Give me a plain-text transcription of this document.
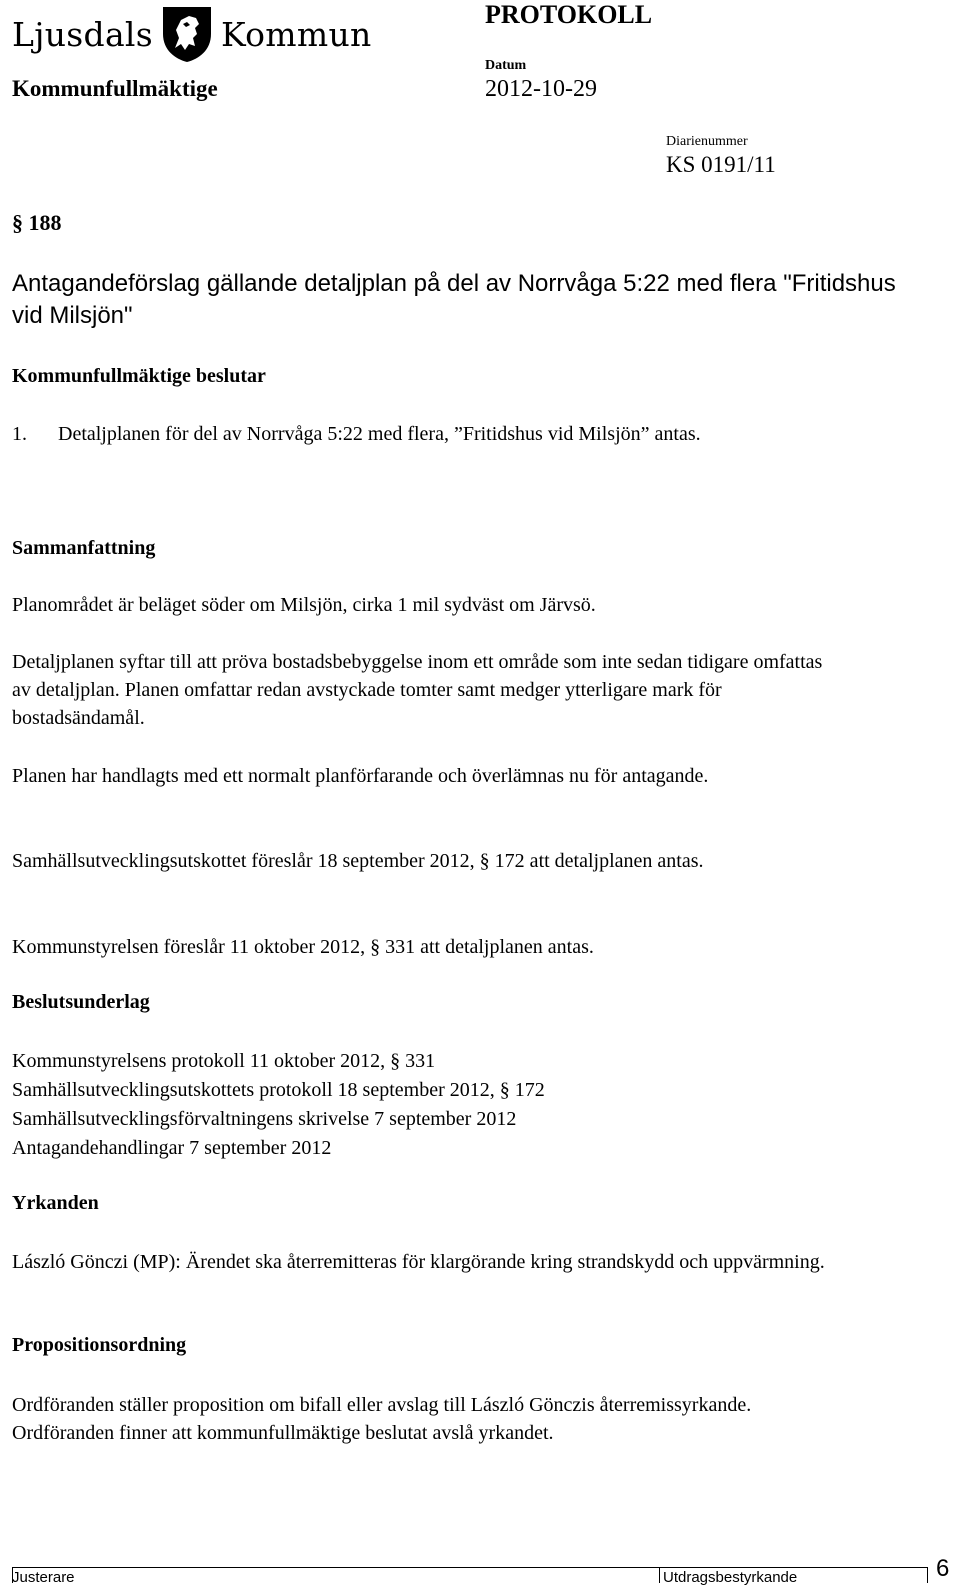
Ljusdals Kommun	PROTOKOLL
Kommunfullmäktige
Datum
2012-10-29
Diarienummer
KS 0191/11
§ 188
Antagandeförslag gällande detaljplan på del av Norrvåga 5:22 med flera "Fritidshus vid Milsjön"
Kommunfullmäktige beslutar
1. Detaljplanen för del av Norrvåga 5:22 med flera, ”Fritidshus vid Milsjön” antas.
Sammanfattning
Planområdet är beläget söder om Milsjön, cirka 1 mil sydväst om Järvsö.
Detaljplanen syftar till att pröva bostadsbebyggelse inom ett område som inte sedan tidigare omfattas av detaljplan. Planen omfattar redan avstyckade tomter samt medger ytterligare mark för bostadsändamål.
Planen har handlagts med ett normalt planförfarande och överlämnas nu för antagande.
Samhällsutvecklingsutskottet föreslår 18 september 2012, § 172 att detaljplanen antas.
Kommunstyrelsen föreslår 11 oktober 2012, § 331 att detaljplanen antas.
Beslutsunderlag
Kommunstyrelsens protokoll 11 oktober 2012, § 331
Samhällsutvecklingsutskottets protokoll 18 september 2012, § 172
Samhällsutvecklingsförvaltningens skrivelse 7 september 2012
Antagandehandlingar 7 september 2012
Yrkanden
László Gönczi (MP): Ärendet ska återremitteras för klargörande kring strandskydd och uppvärmning.
Propositionsordning
Ordföranden ställer proposition om bifall eller avslag till László Gönczis återremissyrkande. Ordföranden finner att kommunfullmäktige beslutat avslå yrkandet.
Justerare	Utdragsbestyrkande	6
